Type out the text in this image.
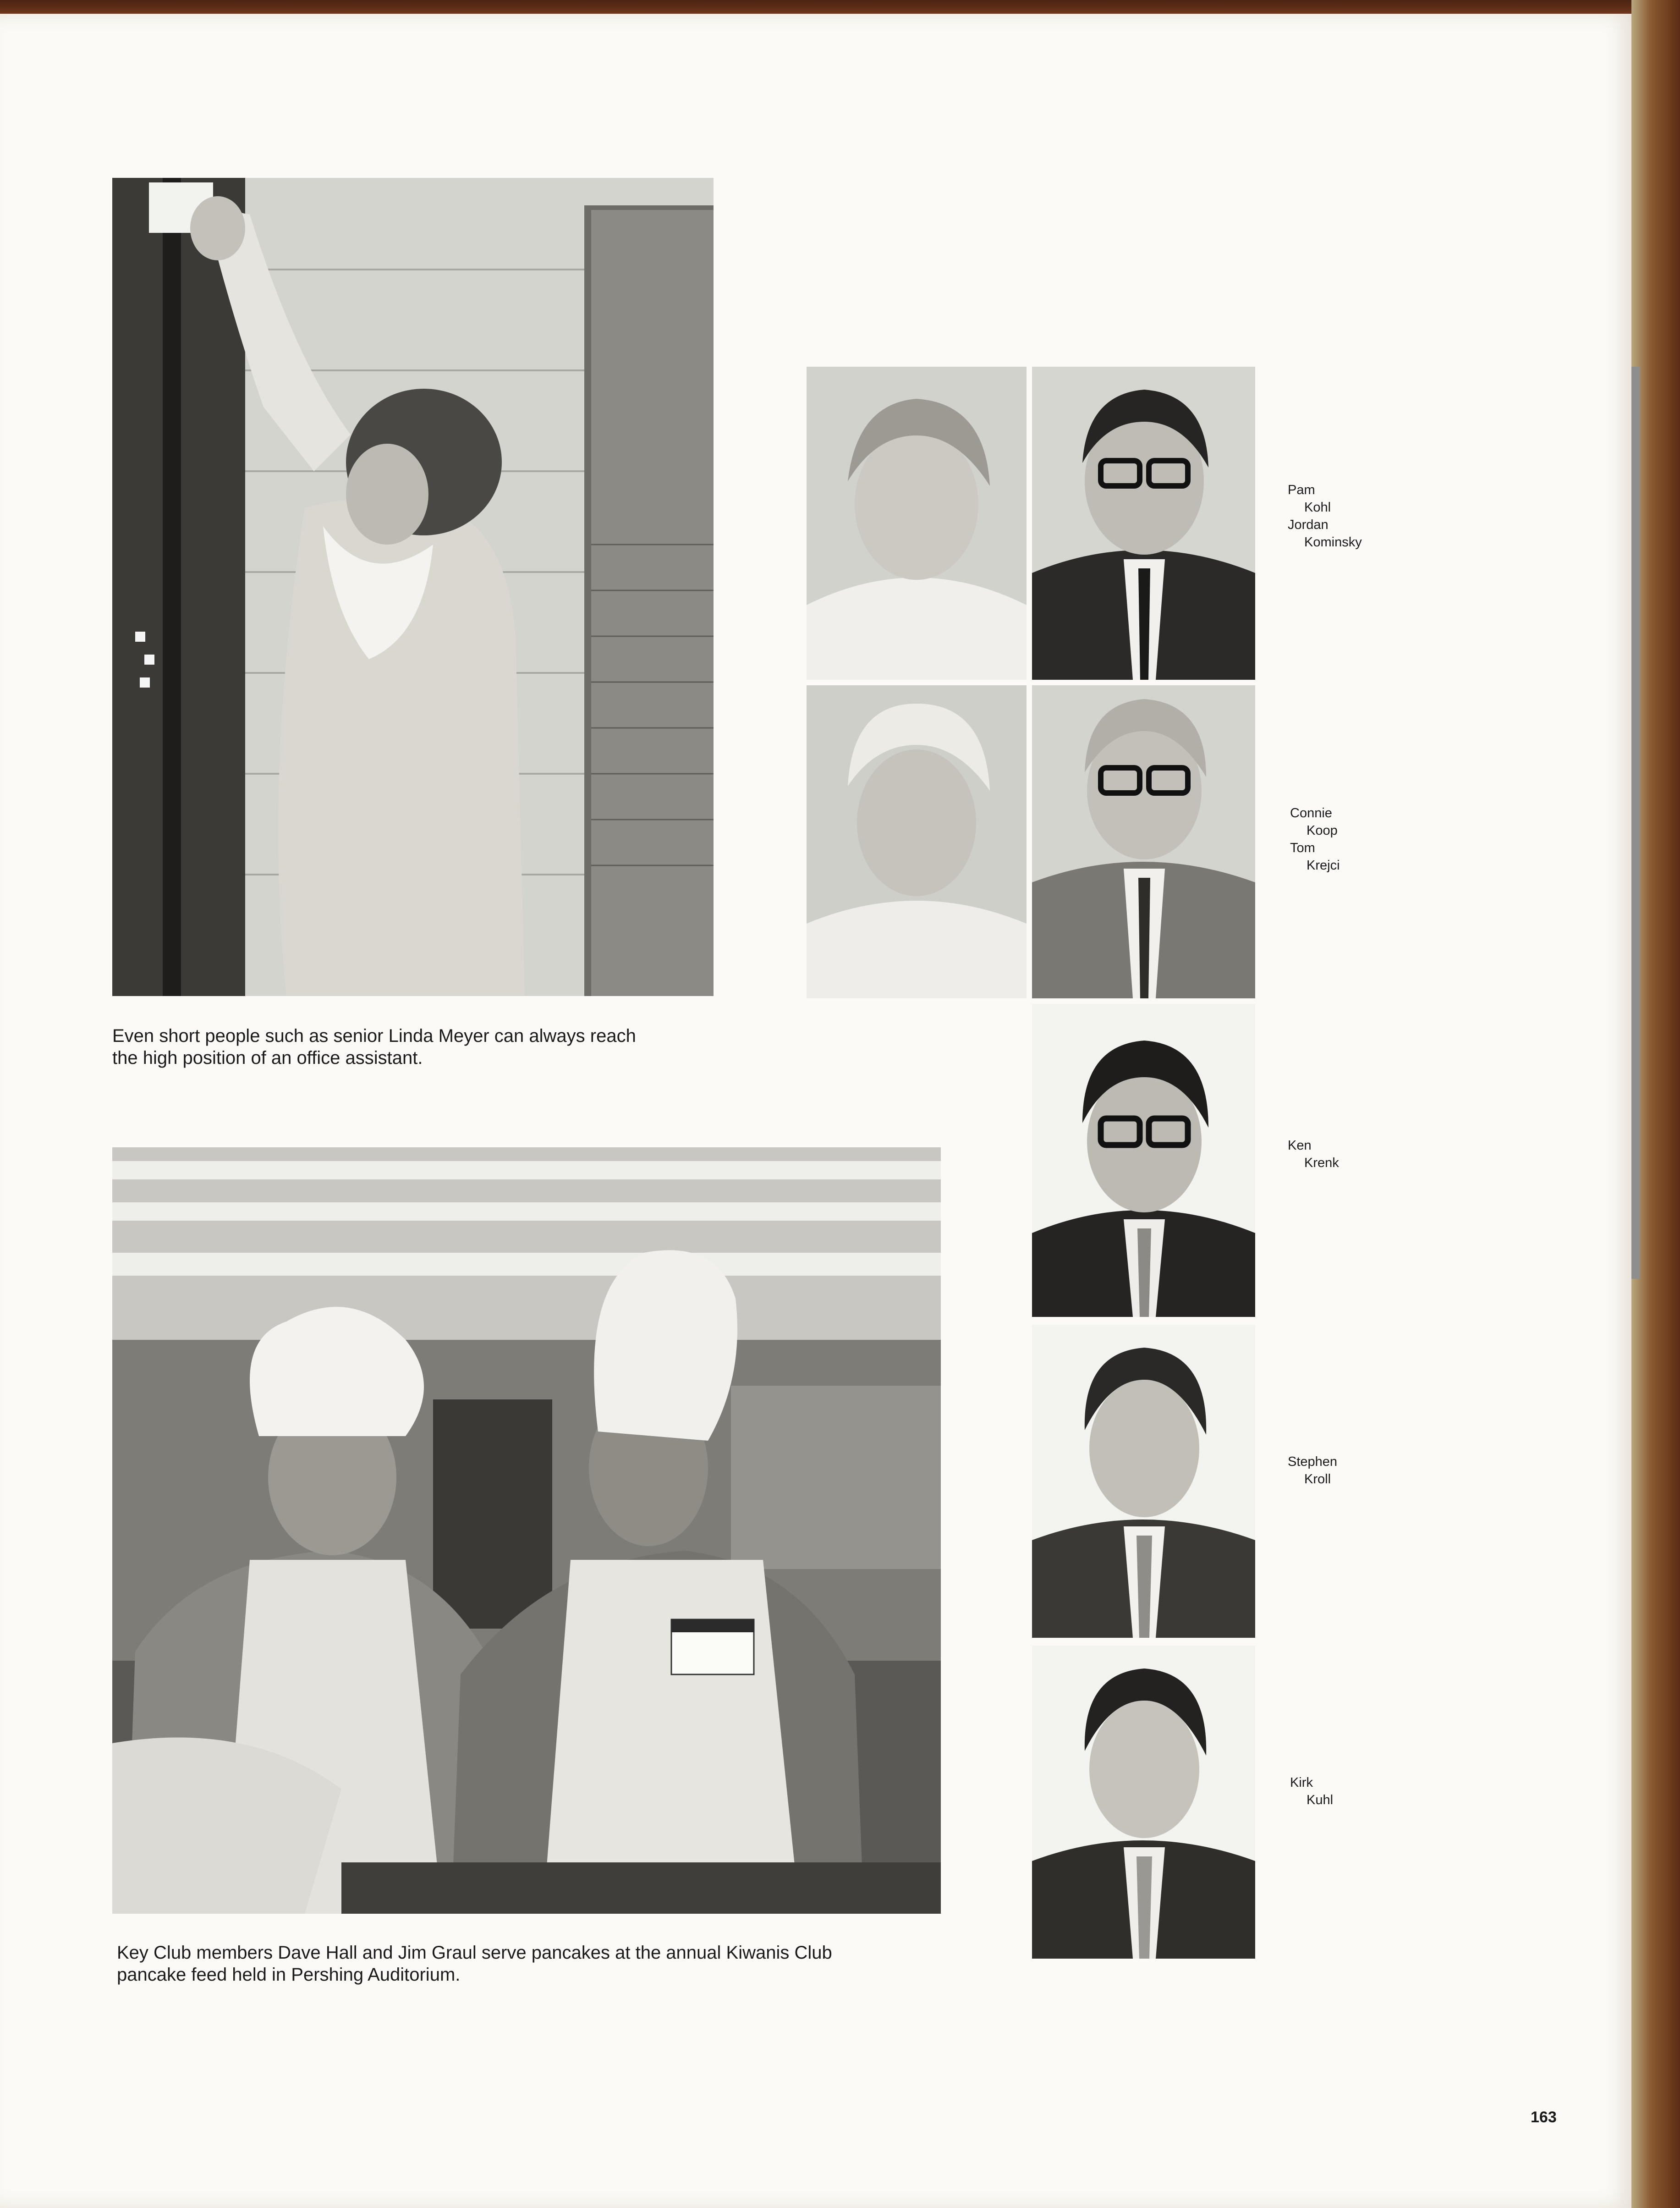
Even short people such as senior Linda Meyer can always reach
the high position of an office assistant.
Key Club members Dave Hall and Jim Graul serve pancakes at the annual Kiwanis Club
pancake feed held in Pershing Auditorium.
Pam
Kohl
Jordan
Kominsky
Connie
Koop
Tom
Krejci
Ken
Krenk
Stephen
Kroll
Kirk
Kuhl
163
